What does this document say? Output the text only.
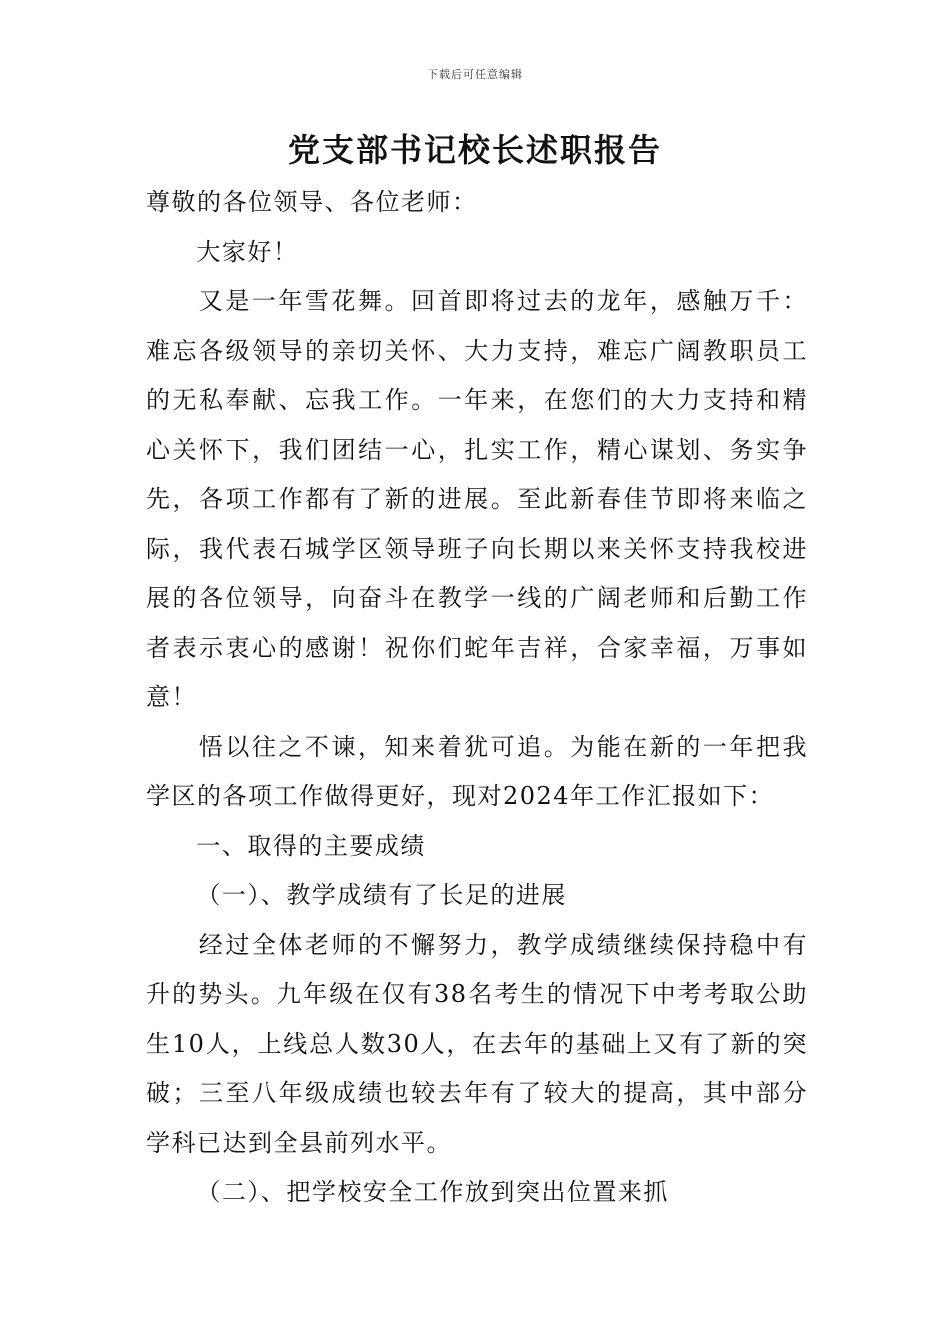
下载后可任意编辑
党支部书记校长述职报告

尊敬的各位领导、各位老师：

大家好！

又是一年雪花舞。回首即将过去的龙年，感触万千：难忘各级领导的亲切关怀、大力支持，难忘广阔教职员工的无私奉献、忘我工作。一年来，在您们的大力支持和精心关怀下，我们团结一心，扎实工作，精心谋划、务实争先，各项工作都有了新的进展。至此新春佳节即将来临之际，我代表石城学区领导班子向长期以来关怀支持我校进展的各位领导，向奋斗在教学一线的广阔老师和后勤工作者表示衷心的感谢！祝你们蛇年吉祥，合家幸福，万事如意！

悟以往之不谏，知来着犹可追。为能在新的一年把我学区的各项工作做得更好，现对2024年工作汇报如下：

一、取得的主要成绩

（一）、教学成绩有了长足的进展

经过全体老师的不懈努力，教学成绩继续保持稳中有升的势头。九年级在仅有38名考生的情况下中考考取公助生10人，上线总人数30人，在去年的基础上又有了新的突破；三至八年级成绩也较去年有了较大的提高，其中部分学科已达到全县前列水平。

（二）、把学校安全工作放到突出位置来抓
